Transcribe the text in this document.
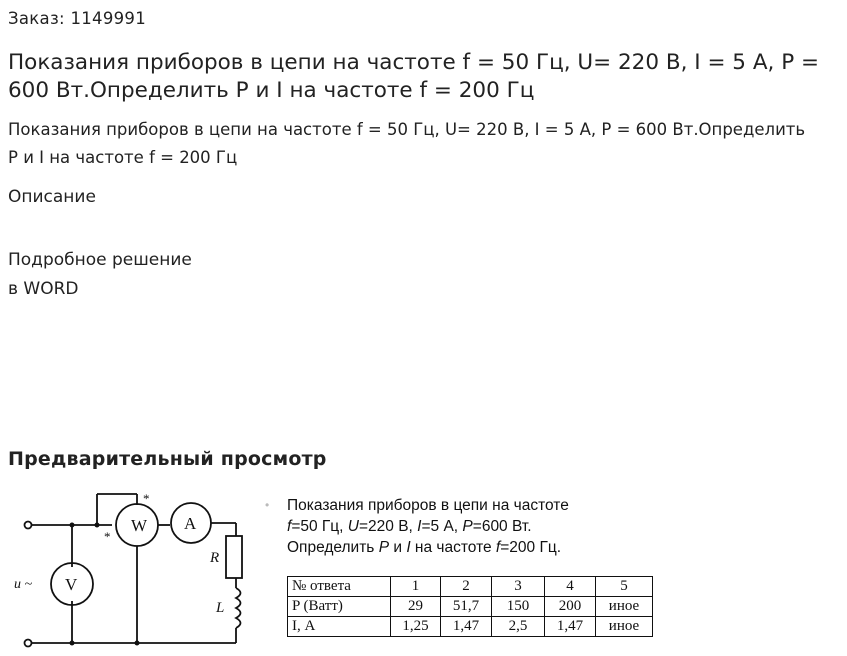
Заказ: 1149991
Показания приборов в цепи на частоте f = 50 Гц, U= 220 В, I = 5 А, Р = 600 Вт.Определить Р и I на частоте f = 200 Гц
Показания приборов в цепи на частоте f = 50 Гц, U= 220 В, I = 5 А, Р = 600 Вт.Определить Р и I на частоте f = 200 Гц
Описание
Подробное решение
в WORD
Предварительный просмотр
W A
V
R
L
u ~
*
*
• Показания приборов в цепи на частоте
f=50 Гц, U=220 В, I=5 А, P=600 Вт.
Определить P и I на частоте f=200 Гц.
№ ответа	1	2	3	4	5
P (Ватт)	29	51,7	150	200	иное
I, А	1,25	1,47	2,5	1,47	иное
